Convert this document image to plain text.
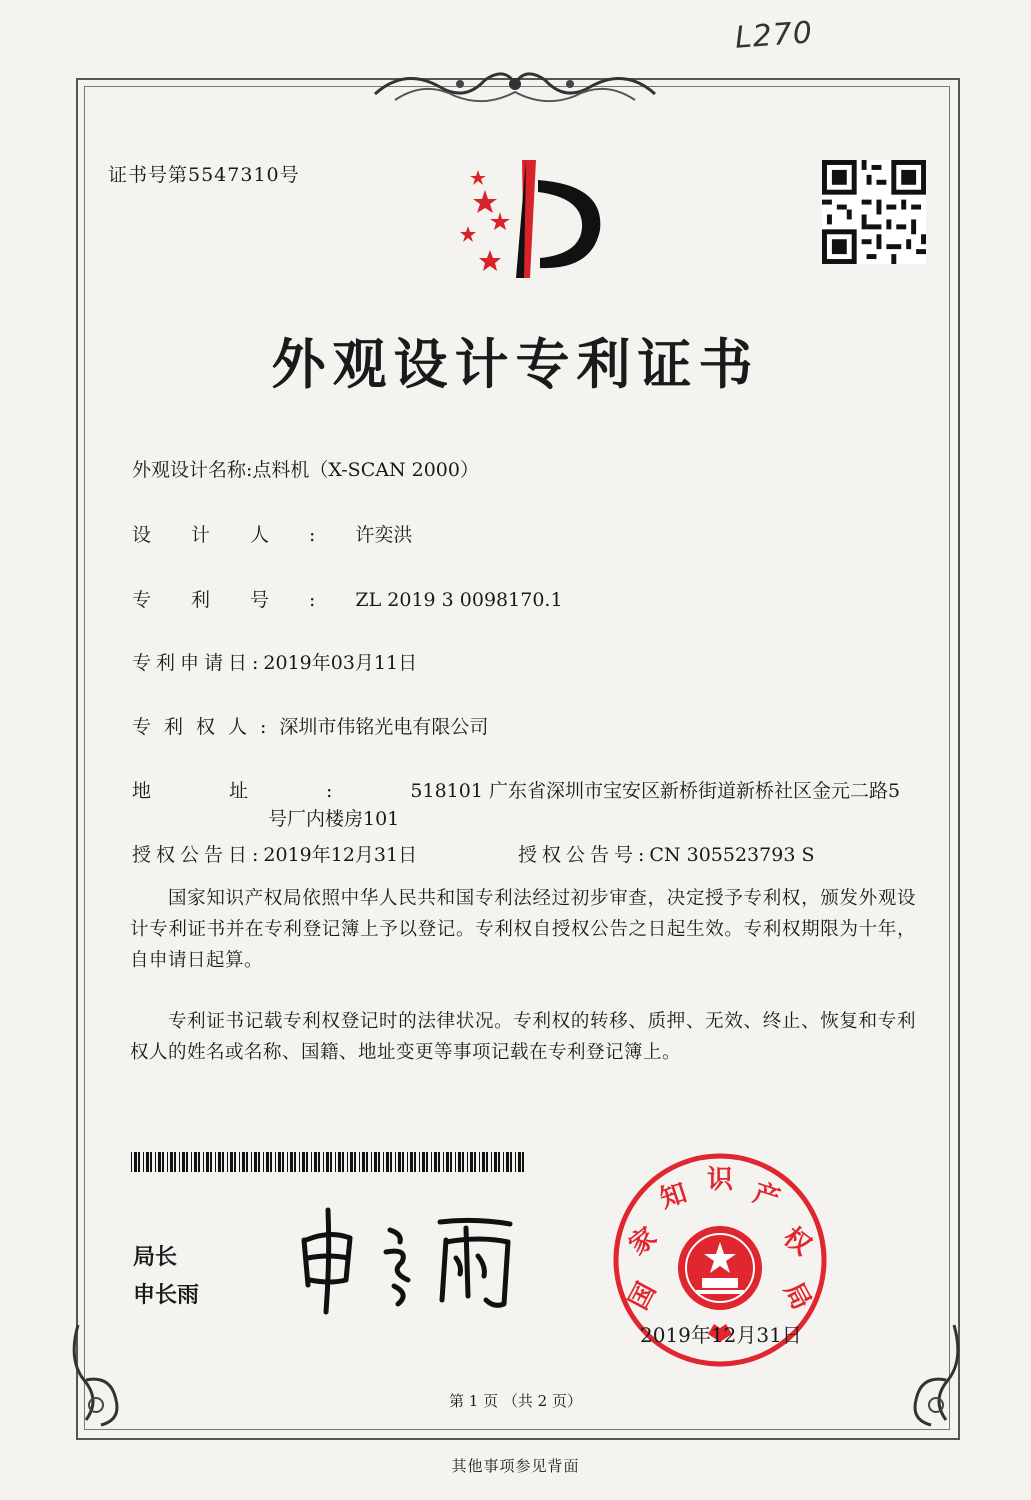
L270
证书号第5547310号
外观设计专利证书
外观设计名称:点料机（X-SCAN 2000）
设计人:许奕洪
专利号:ZL 2019 3 0098170.1
专利申请日:2019年03月11日
专利权人:深圳市伟铭光电有限公司
地址:518101 广东省深圳市宝安区新桥街道新桥社区金元二路5
号厂内楼房101
授权公告日:2019年12月31日	授权公告号:CN 305523793 S
国家知识产权局依照中华人民共和国专利法经过初步审查，决定授予专利权，颁发外观设计专利证书并在专利登记簿上予以登记。专利权自授权公告之日起生效。专利权期限为十年，自申请日起算。
专利证书记载专利权登记时的法律状况。专利权的转移、质押、无效、终止、恢复和专利权人的姓名或名称、国籍、地址变更等事项记载在专利登记簿上。
局长
申长雨	国
家
知 识 产
权
局
2019年12月31日
第 1 页 （共 2 页）
其他事项参见背面
